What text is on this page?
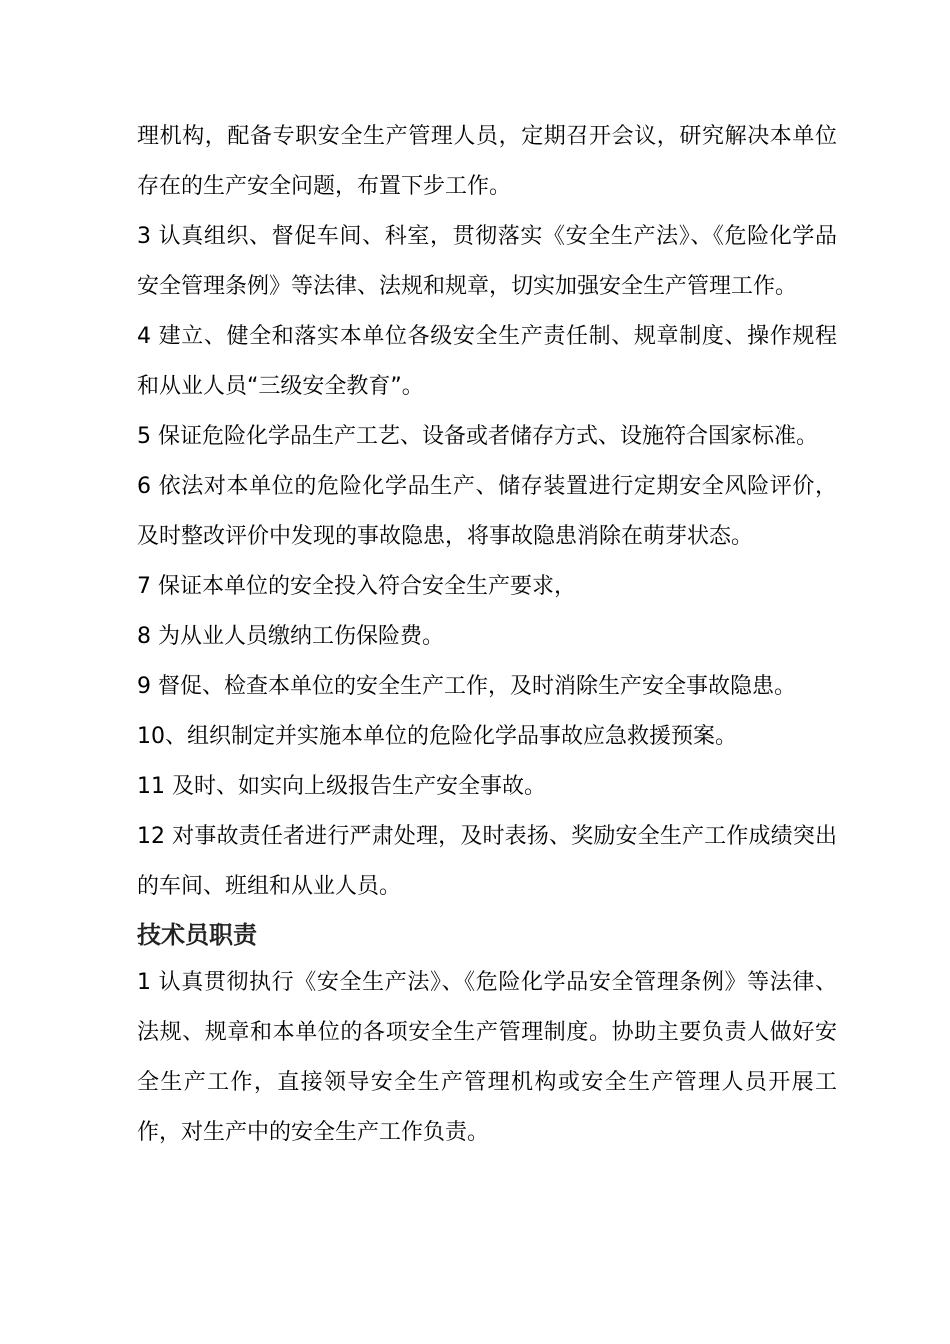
理机构，配备专职安全生产管理人员，定期召开会议，研究解决本单位存在的生产安全问题，布置下步工作。

3 认真组织、督促车间、科室，贯彻落实《安全生产法》、《危险化学品安全管理条例》等法律、法规和规章，切实加强安全生产管理工作。

4 建立、健全和落实本单位各级安全生产责任制、规章制度、操作规程和从业人员“三级安全教育”。

5 保证危险化学品生产工艺、设备或者储存方式、设施符合国家标准。

6 依法对本单位的危险化学品生产、储存装置进行定期安全风险评价，及时整改评价中发现的事故隐患，将事故隐患消除在萌芽状态。

7 保证本单位的安全投入符合安全生产要求，

8 为从业人员缴纳工伤保险费。

9 督促、检查本单位的安全生产工作，及时消除生产安全事故隐患。

10、组织制定并实施本单位的危险化学品事故应急救援预案。

11 及时、如实向上级报告生产安全事故。

12 对事故责任者进行严肃处理，及时表扬、奖励安全生产工作成绩突出的车间、班组和从业人员。

技术员职责

1 认真贯彻执行《安全生产法》、《危险化学品安全管理条例》等法律、法规、规章和本单位的各项安全生产管理制度。协助主要负责人做好安全生产工作，直接领导安全生产管理机构或安全生产管理人员开展工作，对生产中的安全生产工作负责。
